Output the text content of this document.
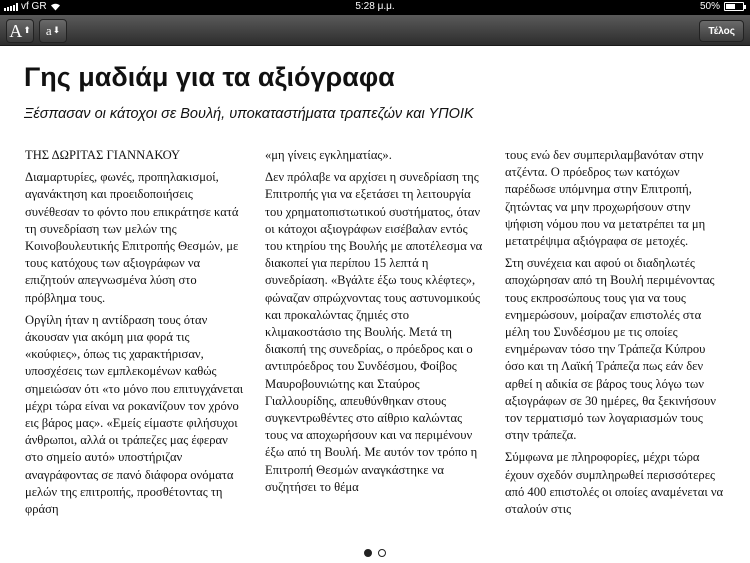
vf GR	5:28 μ.μ.	50%
A ⬆ a ⬇	Τέλος
Γης μαδιάμ για τα αξιόγραφα
Ξέσπασαν οι κάτοχοι σε Βουλή, υποκαταστήματα τραπεζών και ΥΠΟΙΚ

ΤΗΣ ΔΩΡΙΤΑΣ ΓΙΑΝΝΑΚΟΥ

Διαμαρτυρίες, φωνές, προπηλακισμοί, αγανάκτηση και προειδοποιήσεις συνέθεσαν το φόντο που επικράτησε κατά τη συνεδρίαση των μελών της Κοινοβουλευτικής Επιτροπής Θεσμών, με τους κατόχους των αξιογράφων να επιζητούν απεγνωσμένα λύση στο πρόβλημα τους.

Οργίλη ήταν η αντίδραση τους όταν άκουσαν για ακόμη μια φορά τις «κούφιες», όπως τις χαρακτήρισαν, υποσχέσεις των εμπλεκομένων καθώς σημειώσαν ότι «το μόνο που επιτυγχάνεται μέχρι τώρα είναι να ροκανίζουν τον χρόνο εις βάρος μας». «Εμείς είμαστε φιλήσυχοι άνθρωποι, αλλά οι τράπεζες μας έφεραν στο σημείο αυτό» υποστήριζαν αναγράφοντας σε πανό διάφορα ονόματα μελών της επιτροπής, προσθέτοντας τη φράση

«μη γίνεις εγκληματίας».

Δεν πρόλαβε να αρχίσει η συνεδρίαση της Επιτροπής για να εξετάσει τη λειτουργία του χρηματοπιστωτικού συστήματος, όταν οι κάτοχοι αξιογράφων εισέβαλαν εντός του κτηρίου της Βουλής με αποτέλεσμα να διακοπεί για περίπου 15 λεπτά η συνεδρίαση. «Βγάλτε έξω τους κλέφτες», φώναζαν σπρώχνοντας τους αστυνομικούς και προκαλώντας ζημιές στο κλιμακοστάσιο της Βουλής. Μετά τη διακοπή της συνεδρίας, ο πρόεδρος και ο αντιπρόεδρος του Συνδέσμου, Φοίβος Μαυροβουνιώτης και Σταύρος Γιαλλουρίδης, απευθύνθηκαν στους συγκεντρωθέντες στο αίθριο καλώντας τους να αποχωρήσουν και να περιμένουν έξω από τη Βουλή. Με αυτόν τον τρόπο η Επιτροπή Θεσμών αναγκάστηκε να συζητήσει το θέμα

τους ενώ δεν συμπεριλαμβανόταν στην ατζέντα. Ο πρόεδρος των κατόχων παρέδωσε υπόμνημα στην Επιτροπή, ζητώντας να μην προχωρήσουν στην ψήφιση νόμου που να μετατρέπει τα μη μετατρέψιμα αξιόγραφα σε μετοχές.

Στη συνέχεια και αφού οι διαδηλωτές αποχώρησαν από τη Βουλή περιμένοντας τους εκπροσώπους τους για να τους ενημερώσουν, μοίραζαν επιστολές στα μέλη του Συνδέσμου με τις οποίες ενημέρωναν τόσο την Τράπεζα Κύπρου όσο και τη Λαϊκή Τράπεζα πως εάν δεν αρθεί η αδικία σε βάρος τους λόγω των αξιογράφων σε 30 ημέρες, θα ξεκινήσουν τον τερματισμό των λογαριασμών τους στην τράπεζα.

Σύμφωνα με πληροφορίες, μέχρι τώρα έχουν σχεδόν συμπληρωθεί περισσότερες από 400 επιστολές οι οποίες αναμένεται να σταλούν στις
